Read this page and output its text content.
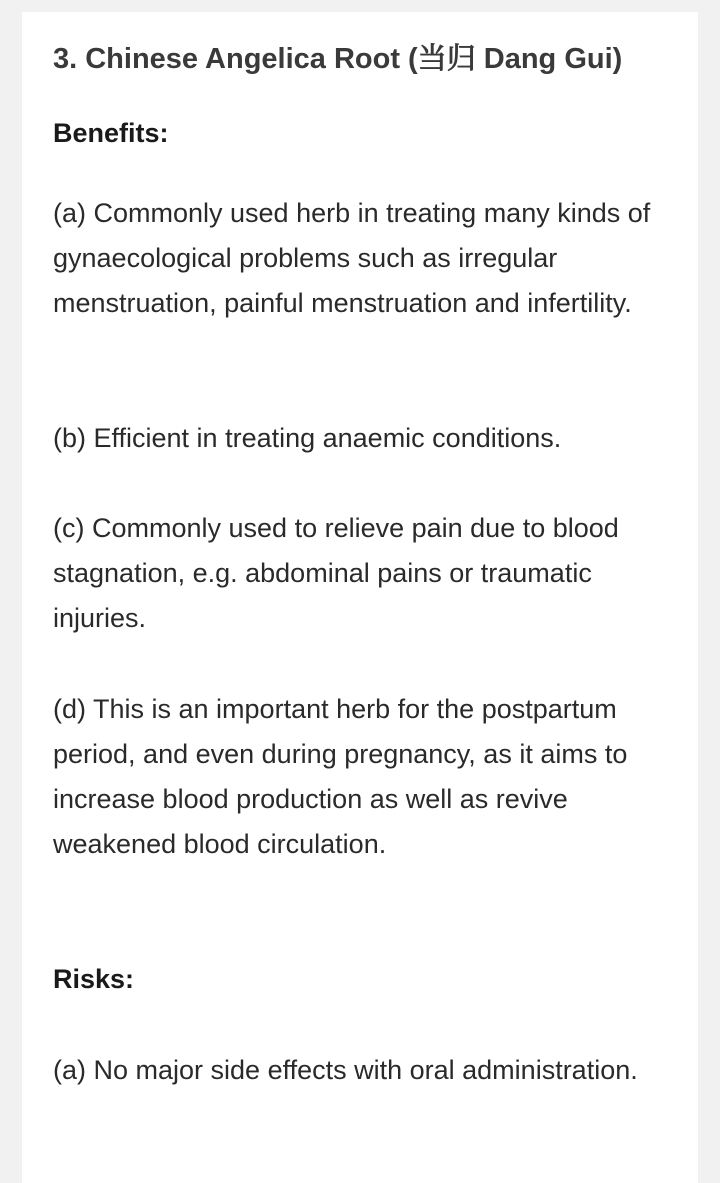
3. Chinese Angelica Root (当归 Dang Gui)

Benefits:

(a) Commonly used herb in treating many kinds of gynaecological problems such as irregular menstruation, painful menstruation and infertility.

(b) Efficient in treating anaemic conditions.

(c) Commonly used to relieve pain due to blood stagnation, e.g. abdominal pains or traumatic injuries.

(d) This is an important herb for the postpartum period, and even during pregnancy, as it aims to increase blood production as well as revive weakened blood circulation.

Risks:

(a) No major side effects with oral administration.
